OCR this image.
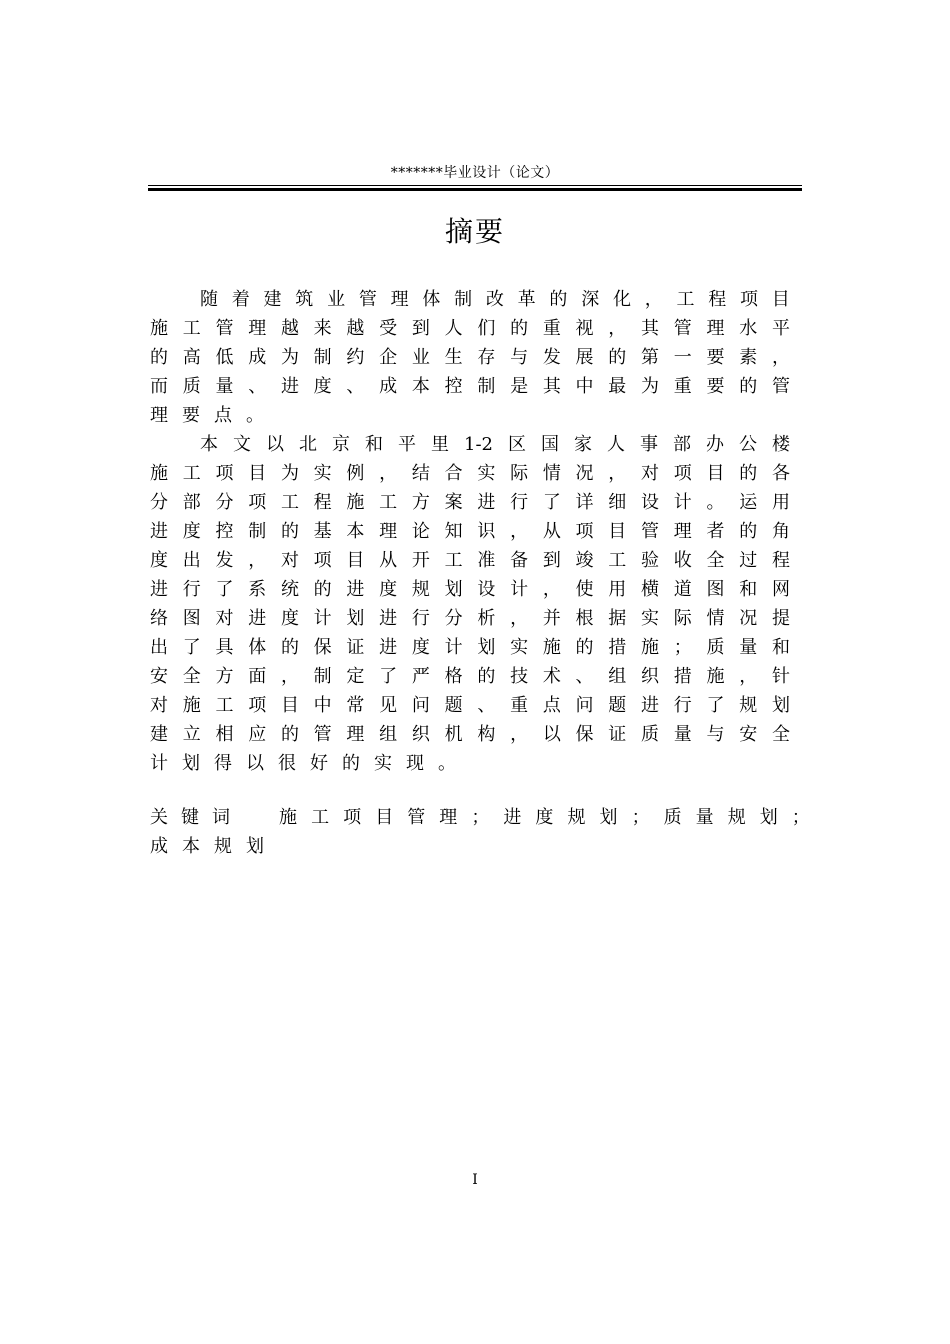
*******毕业设计（论文）
摘要
随 着 建 筑 业 管 理 体 制 改 革 的 深 化 ， 工 程 项 目
施 工 管 理 越 来 越 受 到 人 们 的 重 视 ， 其 管 理 水 平
的 高 低 成 为 制 约 企 业 生 存 与 发 展 的 第 一 要 素 ，
而 质 量 、 进 度 、 成 本 控 制 是 其 中 最 为 重 要 的 管
理 要 点 。
本 文 以 北 京 和 平 里 1-2 区 国 家 人 事 部 办 公 楼
施 工 项 目 为 实 例 ， 结 合 实 际 情 况 ， 对 项 目 的 各
分 部 分 项 工 程 施 工 方 案 进 行 了 详 细 设 计 。 运 用
进 度 控 制 的 基 本 理 论 知 识 ， 从 项 目 管 理 者 的 角
度 出 发 ， 对 项 目 从 开 工 准 备 到 竣 工 验 收 全 过 程
进 行 了 系 统 的 进 度 规 划 设 计 ， 使 用 横 道 图 和 网
络 图 对 进 度 计 划 进 行 分 析 ， 并 根 据 实 际 情 况 提
出 了 具 体 的 保 证 进 度 计 划 实 施 的 措 施 ； 质 量 和
安 全 方 面 ， 制 定 了 严 格 的 技 术 、 组 织 措 施 ， 针
对 施 工 项 目 中 常 见 问 题 、 重 点 问 题 进 行 了 规 划
建 立 相 应 的 管 理 组 织 机 构 ， 以 保 证 质 量 与 安 全
计 划 得 以 很 好 的 实 现 。
关键词 施 工 项 目 管 理 ； 进 度 规 划 ； 质 量 规 划 ；
成 本 规 划
I
